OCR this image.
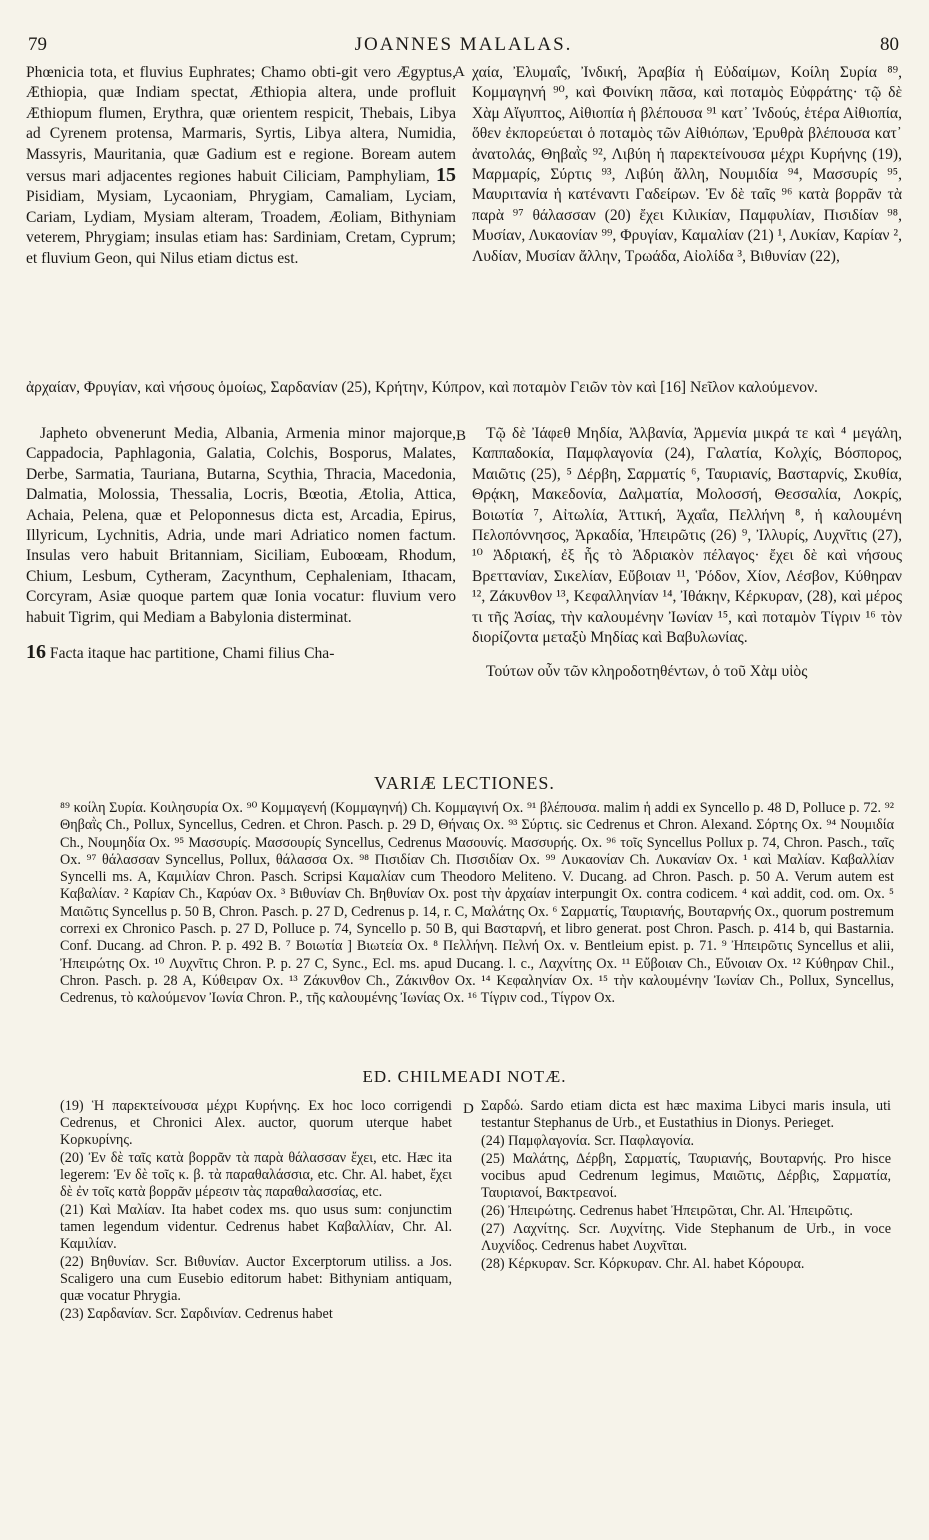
79	JOANNES MALALAS.	80
A
B
D

Phœnicia tota, et fluvius Euphrates; Chamo obti-git vero Ægyptus, Æthiopia, quæ Indiam spectat, Æthiopia altera, unde profluit Æthiopum flumen, Erythra, quæ orientem respicit, Thebais, Libya ad Cyrenem protensa, Marmaris, Syrtis, Libya altera, Numidia, Massyris, Mauritania, quæ Gadium est e regione. Boream autem versus mari adjacentes regiones habuit Ciliciam, Pamphyliam, 15 Pisidiam, Mysiam, Lycaoniam, Phrygiam, Camaliam, Lyciam, Cariam, Lydiam, Mysiam alteram, Troadem, Æoliam, Bithyniam veterem, Phrygiam; insulas etiam has: Sardiniam, Cretam, Cyprum; et fluvium Geon, qui Nilus etiam dictus est.

χαία, Ἐλυμαΐς, Ἰνδική, Ἀραβία ἡ Εὐδαίμων, Κοίλη Συρία ⁸⁹, Κομμαγηνή ⁹⁰, καὶ Φοινίκη πᾶσα, καὶ ποταμὸς Εὐφράτης· τῷ δὲ Χὰμ Αἴγυπτος, Αἰθιοπία ἡ βλέπουσα ⁹¹ κατ᾽ Ἰνδούς, ἑτέρα Αἰθιοπία, ὅθεν ἐκπορεύεται ὁ ποταμὸς τῶν Αἰθιόπων, Ἐρυθρὰ βλέπουσα κατ᾽ ἀνατολάς, Θηβαῒς ⁹², Λιβύη ἡ παρεκτείνουσα μέχρι Κυρήνης (19), Μαρμαρίς, Σύρτις ⁹³, Λιβύη ἄλλη, Νουμιδία ⁹⁴, Μασσυρίς ⁹⁵, Μαυριτανία ἡ κατέναντι Γαδείρων. Ἐν δὲ ταῖς ⁹⁶ κατὰ βορρᾶν τὰ παρὰ ⁹⁷ θάλασσαν (20) ἔχει Κιλικίαν, Παμφυλίαν, Πισιδίαν ⁹⁸, Μυσίαν, Λυκαονίαν ⁹⁹, Φρυγίαν, Καμαλίαν (21) ¹, Λυκίαν, Καρίαν ², Λυδίαν, Μυσίαν ἄλλην, Τρωάδα, Αἰολίδα ³, Βιθυνίαν (22),

ἀρχαίαν, Φρυγίαν, καὶ νήσους ὁμοίως, Σαρδανίαν (25), Κρήτην, Κύπρον, καὶ ποταμὸν Γειῶν τὸν καὶ [16] Νεῖλον καλούμενον.

Japheto obvenerunt Media, Albania, Armenia minor majorque, Cappadocia, Paphlagonia, Galatia, Colchis, Bosporus, Malates, Derbe, Sarmatia, Tauriana, Butarna, Scythia, Thracia, Macedonia, Dalmatia, Molossia, Thessalia, Locris, Bœotia, Ætolia, Attica, Achaia, Pelena, quæ et Peloponnesus dicta est, Arcadia, Epirus, Illyricum, Lychnitis, Adria, unde mari Adriatico nomen factum. Insulas vero habuit Britanniam, Siciliam, Euboœam, Rhodum, Chium, Lesbum, Cytheram, Zacynthum, Cephaleniam, Ithacam, Corcyram, Asiæ quoque partem quæ Ionia vocatur: fluvium vero habuit Tigrim, qui Mediam a Babylonia disterminat.

16 Facta itaque hac partitione, Chami filius Cha-

Τῷ δὲ Ἰάφεθ Μηδία, Ἀλβανία, Ἀρμενία μικρά τε καὶ ⁴ μεγάλη, Καππαδοκία, Παμφλαγονία (24), Γαλατία, Κολχίς, Βόσπορος, Μαιῶτις (25), ⁵ Δέρβη, Σαρματίς ⁶, Ταυριανίς, Βασταρνίς, Σκυθία, Θρᾴκη, Μακεδονία, Δαλματία, Μολοσσή, Θεσσαλία, Λοκρίς, Βοιωτία ⁷, Αἰτωλία, Ἀττική, Ἀχαΐα, Πελλήνη ⁸, ἡ καλουμένη Πελοπόννησος, Ἀρκαδία, Ἠπειρῶτις (26) ⁹, Ἰλλυρίς, Λυχνῖτις (27), ¹⁰ Ἀδριακή, ἐξ ἧς τὸ Ἀδριακὸν πέλαγος· ἔχει δὲ καὶ νήσους Βρεττανίαν, Σικελίαν, Εὔβοιαν ¹¹, Ῥόδον, Χίον, Λέσβον, Κύθηραν ¹², Ζάκυνθον ¹³, Κεφαλληνίαν ¹⁴, Ἰθάκην, Κέρκυραν, (28), καὶ μέρος τι τῆς Ἀσίας, τὴν καλουμένην Ἰωνίαν ¹⁵, καὶ ποταμὸν Τίγριν ¹⁶ τὸν διορίζοντα μεταξὺ Μηδίας καὶ Βαβυλωνίας.

Τούτων οὖν τῶν κληροδοτηθέντων, ὁ τοῦ Χὰμ υἱὸς

VARIÆ LECTIONES.

⁸⁹ κοίλη Συρία. Κοιλησυρία Ox. ⁹⁰ Κομμαγενή (Κομμαγηνή) Ch. Κομμαγινή Ox. ⁹¹ βλέπουσα. malim ἡ addi ex Syncello p. 48 D, Polluce p. 72. ⁹² Θηβαῒς Ch., Pollux, Syncellus, Cedren. et Chron. Pasch. p. 29 D, Θήναις Ox. ⁹³ Σύρτις. sic Cedrenus et Chron. Alexand. Σόρτης Ox. ⁹⁴ Νουμιδία Ch., Νουμηδία Ox. ⁹⁵ Μασσυρίς. Μασσουρίς Syncellus, Cedrenus Μασουνίς. Μασσυρής. Ox. ⁹⁶ τοῖς Syncellus Pollux p. 74, Chron. Pasch., ταῖς Ox. ⁹⁷ θάλασσαν Syncellus, Pollux, θάλασσα Ox. ⁹⁸ Πισιδίαν Ch. Πισσιδίαν Ox. ⁹⁹ Λυκαονίαν Ch. Λυκανίαν Ox. ¹ καὶ Μαλίαν. Καβαλλίαν Syncelli ms. A, Καμιλίαν Chron. Pasch. Scripsi Καμαλίαν cum Theodoro Meliteno. V. Ducang. ad Chron. Pasch. p. 50 A. Verum autem est Καβαλίαν. ² Καρίαν Ch., Καρύαν Ox. ³ Βιθυνίαν Ch. Βηθυνίαν Ox. post τὴν ἀρχαίαν interpungit Ox. contra codicem. ⁴ καὶ addit, cod. om. Ox. ⁵ Μαιῶτις Syncellus p. 50 B, Chron. Pasch. p. 27 D, Cedrenus p. 14, r. C, Μαλάτης Ox. ⁶ Σαρματίς, Ταυριανής, Βουταρνής Ox., quorum postremum correxi ex Chronico Pasch. p. 27 D, Polluce p. 74, Syncello p. 50 B, qui Βασταρνή, et libro generat. post Chron. Pasch. p. 414 b, qui Bastarnia. Conf. Ducang. ad Chron. P. p. 492 B. ⁷ Βοιωτία ] Βιωτεία Ox. ⁸ Πελλήνη. Πελνή Ox. v. Bentleium epist. p. 71. ⁹ Ἠπειρῶτις Syncellus et alii, Ἠπειρώτης Ox. ¹⁰ Λυχνῖτις Chron. P. p. 27 C, Sync., Ecl. ms. apud Ducang. l. c., Λαχνίτης Ox. ¹¹ Εὔβοιαν Ch., Εὔνοιαν Ox. ¹² Κύθηραν Chil., Chron. Pasch. p. 28 A, Κύθειραν Ox. ¹³ Ζάκυνθον Ch., Ζάκινθον Ox. ¹⁴ Κεφαληνίαν Ox. ¹⁵ τὴν καλουμένην Ἰωνίαν Ch., Pollux, Syncellus, Cedrenus, τὸ καλούμενον Ἰωνία Chron. P., τῆς καλουμένης Ἰωνίας Ox. ¹⁶ Τίγριν cod., Τίγρον Ox.

ED. CHILMEADI NOTÆ.

(19) Ἡ παρεκτείνουσα μέχρι Κυρήνης. Ex hoc loco corrigendi Cedrenus, et Chronici Alex. auctor, quorum uterque habet Κορκυρίνης.

(20) Ἐν δὲ ταῖς κατὰ βορρᾶν τὰ παρὰ θάλασσαν ἔχει, etc. Hæc ita legerem: Ἐν δὲ τοῖς κ. β. τὰ παραθαλάσσια, etc. Chr. Al. habet, ἔχει δὲ ἐν τοῖς κατὰ βορρᾶν μέρεσιν τὰς παραθαλασσίας, etc.

(21) Καὶ Μαλίαν. Ita habet codex ms. quo usus sum: conjunctim tamen legendum videntur. Cedrenus habet Καβαλλίαν, Chr. Al. Καμιλίαν.

(22) Βηθυνίαν. Scr. Βιθυνίαν. Auctor Excerptorum utiliss. a Jos. Scaligero una cum Eusebio editorum habet: Bithyniam antiquam, quæ vocatur Phrygia.

(23) Σαρδανίαν. Scr. Σαρδινίαν. Cedrenus habet

Σαρδώ. Sardo etiam dicta est hæc maxima Libyci maris insula, uti testantur Stephanus de Urb., et Eustathius in Dionys. Perieget.

(24) Παμφλαγονία. Scr. Παφλαγονία.

(25) Μαλάτης, Δέρβη, Σαρματίς, Ταυριανής, Βουταρνής. Pro hisce vocibus apud Cedrenum legimus, Μαιῶτις, Δέρβις, Σαρματία, Ταυριανοί, Βακτρεανοί.

(26) Ἠπειρώτης. Cedrenus habet Ἠπειρῶται, Chr. Al. Ἠπειρῶτις.

(27) Λαχνίτης. Scr. Λυχνίτης. Vide Stephanum de Urb., in voce Λυχνίδος. Cedrenus habet Λυχνῖται.

(28) Κέρκυραν. Scr. Κόρκυραν. Chr. Al. habet Κόρουρα.
